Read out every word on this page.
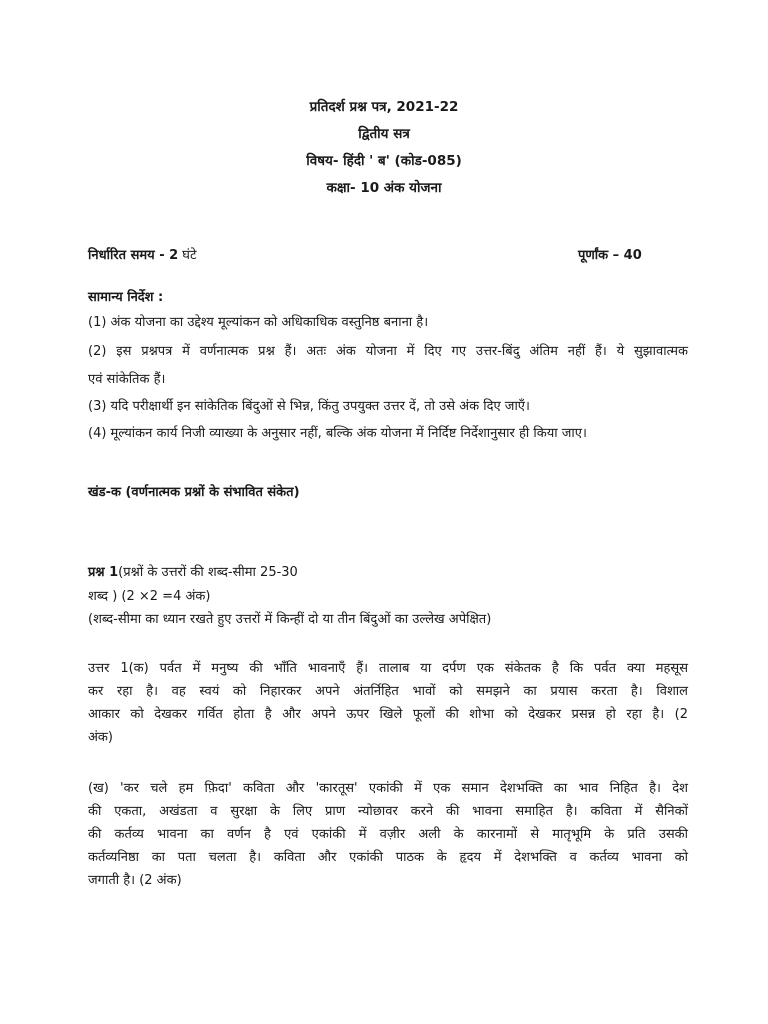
प्रतिदर्श प्रश्न पत्र, 2021-22
द्वितीय सत्र
विषय- हिंदी ' ब' (कोड-085)
कक्षा- 10 अंक योजना
निर्धारित समय - 2 घंटे	पूर्णांक – 40
सामान्य निर्देश :
(1) अंक योजना का उद्देश्य मूल्यांकन को अधिकाधिक वस्तुनिष्ठ बनाना है।
(2) इस प्रश्नपत्र में वर्णनात्मक प्रश्न हैं। अतः अंक योजना में दिए गए उत्तर-बिंदु अंतिम नहीं हैं। ये सुझावात्मक
एवं सांकेतिक हैं।
(3) यदि परीक्षार्थी इन सांकेतिक बिंदुओं से भिन्न, किंतु उपयुक्त उत्तर दें, तो उसे अंक दिए जाएँ।
(4) मूल्यांकन कार्य निजी व्याख्या के अनुसार नहीं, बल्कि अंक योजना में निर्दिष्ट निर्देशानुसार ही किया जाए।
खंड-क (वर्णनात्मक प्रश्नों के संभावित संकेत)
प्रश्न 1(प्रश्नों के उत्तरों की शब्द-सीमा 25-30
शब्द ) (2 ×2 =4 अंक)
(शब्द-सीमा का ध्यान रखते हुए उत्तरों में किन्हीं दो या तीन बिंदुओं का उल्लेख अपेक्षित)
उत्तर 1(क) पर्वत में मनुष्य की भाँति भावनाएँ हैं। तालाब या दर्पण एक संकेतक है कि पर्वत क्या महसूस
कर रहा है। वह स्वयं को निहारकर अपने अंतर्निहित भावों को समझने का प्रयास करता है। विशाल
आकार को देखकर गर्वित होता है और अपने ऊपर खिले फूलों की शोभा को देखकर प्रसन्न हो रहा है। (2
अंक)
(ख) 'कर चले हम फ़िदा' कविता और 'कारतूस' एकांकी में एक समान देशभक्ति का भाव निहित है। देश
की एकता, अखंडता व सुरक्षा के लिए प्राण न्योछावर करने की भावना समाहित है। कविता में सैनिकों
की कर्तव्य भावना का वर्णन है एवं एकांकी में वज़ीर अली के कारनामों से मातृभूमि के प्रति उसकी
कर्तव्यनिष्ठा का पता चलता है। कविता और एकांकी पाठक के हृदय में देशभक्ति व कर्तव्य भावना को
जगाती है। (2 अंक)
